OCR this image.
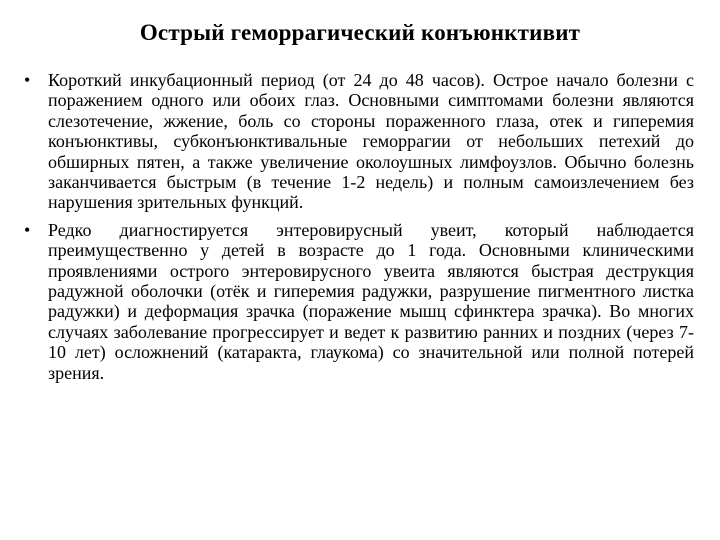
Острый геморрагический конъюнктивит
• Короткий инкубационный период (от 24 до 48 часов). Острое начало болезни с поражением одного или обоих глаз. Основными симптомами болезни являются слезотечение, жжение, боль со стороны пораженного глаза, отек и гиперемия конъюнктивы, субконъюнктивальные геморрагии от небольших петехий до обширных пятен, а также увеличение околоушных лимфоузлов. Обычно болезнь заканчивается быстрым (в течение 1-2 недель) и полным самоизлечением без нарушения зрительных функций.
• Редко диагностируется энтеровирусный увеит, который наблюдается преимущественно у детей в возрасте до 1 года. Основными клиническими проявлениями острого энтеровирусного увеита являются быстрая деструкция радужной оболочки (отёк и гиперемия радужки, разрушение пигментного листка радужки) и деформация зрачка (поражение мышц сфинктера зрачка). Во многих случаях заболевание прогрессирует и ведет к развитию ранних и поздних (через 7-10 лет) осложнений (катаракта, глаукома) со значительной или полной потерей зрения.
